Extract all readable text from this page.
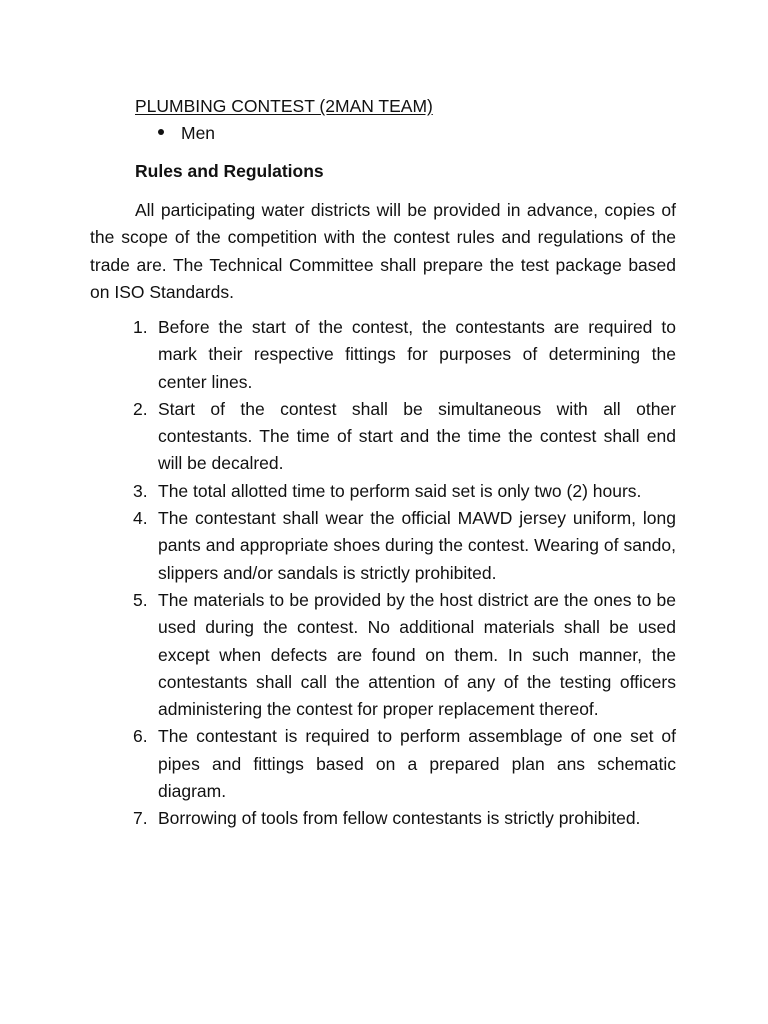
PLUMBING CONTEST (2MAN TEAM)
Men
Rules and Regulations

All participating water districts will be provided in advance, copies of the scope of the competition with the contest rules and regulations of the trade are. The Technical Committee shall prepare the test package based on ISO Standards.

1. Before the start of the contest, the contestants are required to mark their respective fittings for purposes of determining the center lines.
2. Start of the contest shall be simultaneous with all other contestants. The time of start and the time the contest shall end will be decalred.
3. The total allotted time to perform said set is only two (2) hours.
4. The contestant shall wear the official MAWD jersey uniform, long pants and appropriate shoes during the contest. Wearing of sando, slippers and/or sandals is strictly prohibited.
5. The materials to be provided by the host district are the ones to be used during the contest. No additional materials shall be used except when defects are found on them. In such manner, the contestants shall call the attention of any of the testing officers administering the contest for proper replacement thereof.
6. The contestant is required to perform assemblage of one set of pipes and fittings based on a prepared plan ans schematic diagram.
7. Borrowing of tools from fellow contestants is strictly prohibited.
